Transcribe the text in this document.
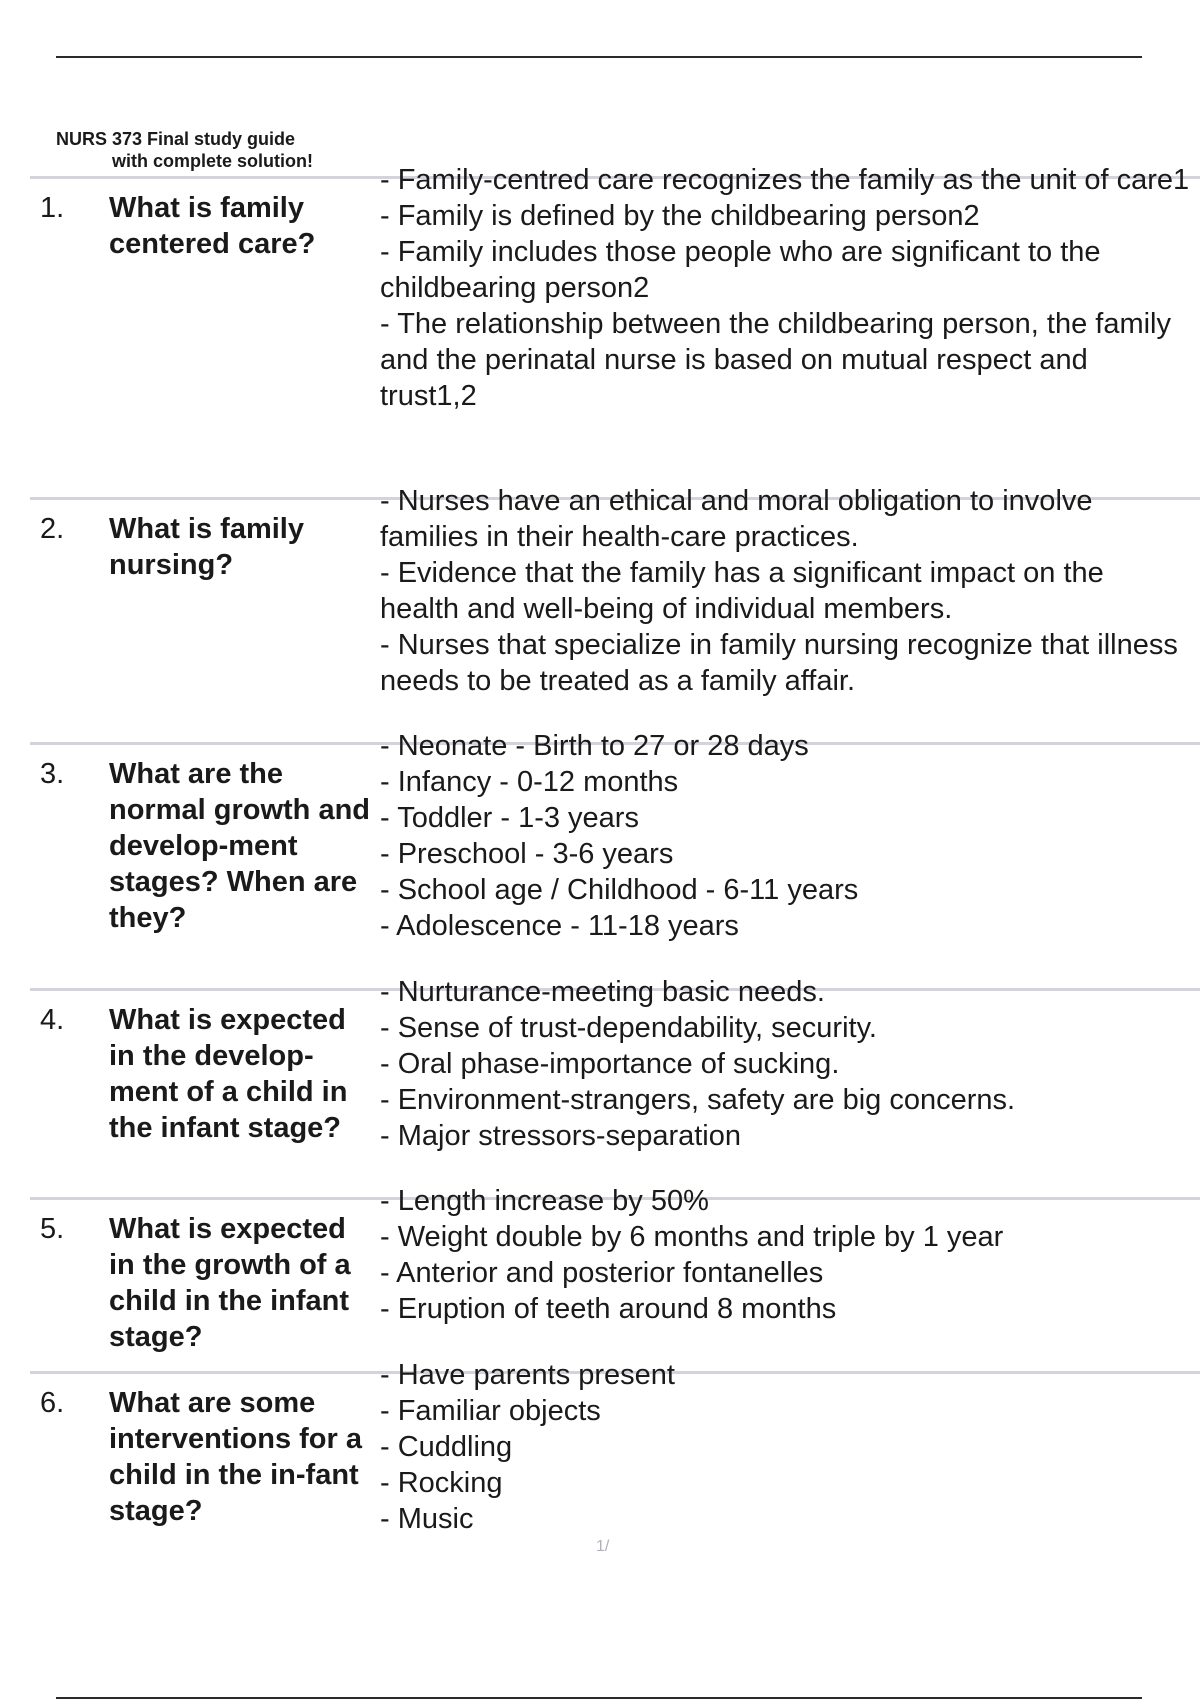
NURS 373 Final study guide
with complete solution!
1. What is family centered care?
- Family-centred care recognizes the family as the unit of care1
- Family is defined by the childbearing person2
- Family includes those people who are significant to the childbearing person2
- The relationship between the childbearing person, the family and the perinatal nurse is based on mutual respect and trust1,2
2. What is family nursing?
- Nurses have an ethical and moral obligation to involve families in their health-care practices.
- Evidence that the family has a significant impact on the health and well-being of individual members.
- Nurses that specialize in family nursing recognize that illness needs to be treated as a family affair.
3. What are the normal growth and develop-ment stages? When are they?
- Neonate - Birth to 27 or 28 days
- Infancy - 0-12 months
- Toddler - 1-3 years
- Preschool - 3-6 years
- School age / Childhood - 6-11 years
- Adolescence - 11-18 years
4. What is expected in the develop-ment of a child in the infant stage?
- Nurturance-meeting basic needs.
- Sense of trust-dependability, security.
- Oral phase-importance of sucking.
- Environment-strangers, safety are big concerns.
- Major stressors-separation
5. What is expected in the growth of a child in the infant stage?
- Length increase by 50%
- Weight double by 6 months and triple by 1 year
- Anterior and posterior fontanelles
- Eruption of teeth around 8 months
6. What are some interventions for a child in the in-fant stage?
- Have parents present
- Familiar objects
- Cuddling
- Rocking
- Music
1/
